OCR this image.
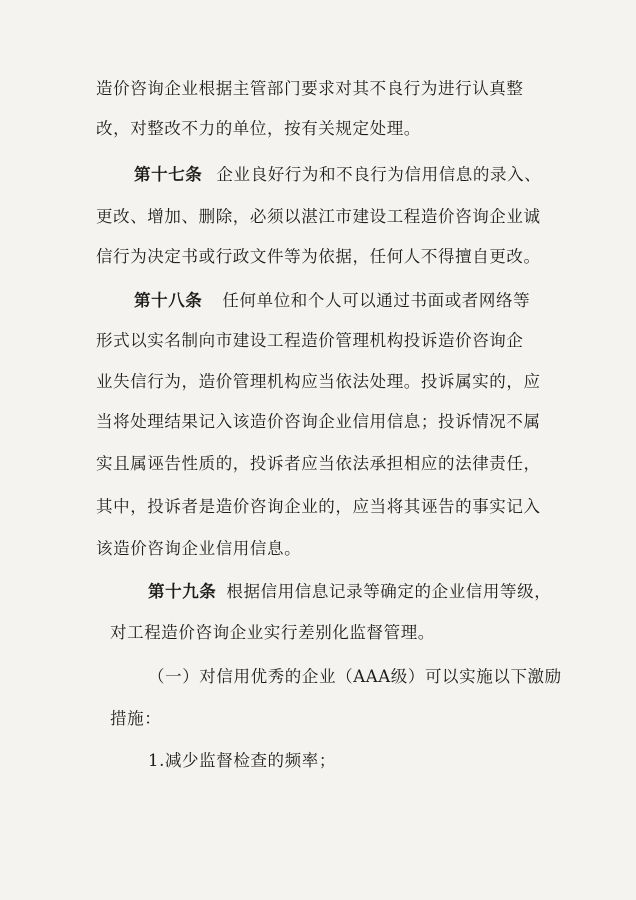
造价咨询企业根据主管部门要求对其不良行为进行认真整
改，对整改不力的单位，按有关规定处理。
第十七条 企业良好行为和不良行为信用信息的录入、
更改、增加、删除，必须以湛江市建设工程造价咨询企业诚
信行为决定书或行政文件等为依据，任何人不得擅自更改。
第十八条 任何单位和个人可以通过书面或者网络等
形式以实名制向市建设工程造价管理机构投诉造价咨询企
业失信行为，造价管理机构应当依法处理。投诉属实的，应
当将处理结果记入该造价咨询企业信用信息；投诉情况不属
实且属诬告性质的，投诉者应当依法承担相应的法律责任，
其中，投诉者是造价咨询企业的，应当将其诬告的事实记入
该造价咨询企业信用信息。
第十九条 根据信用信息记录等确定的企业信用等级，
对工程造价咨询企业实行差别化监督管理。
（一）对信用优秀的企业（AAA级）可以实施以下激励
措施：
1.减少监督检查的频率；
